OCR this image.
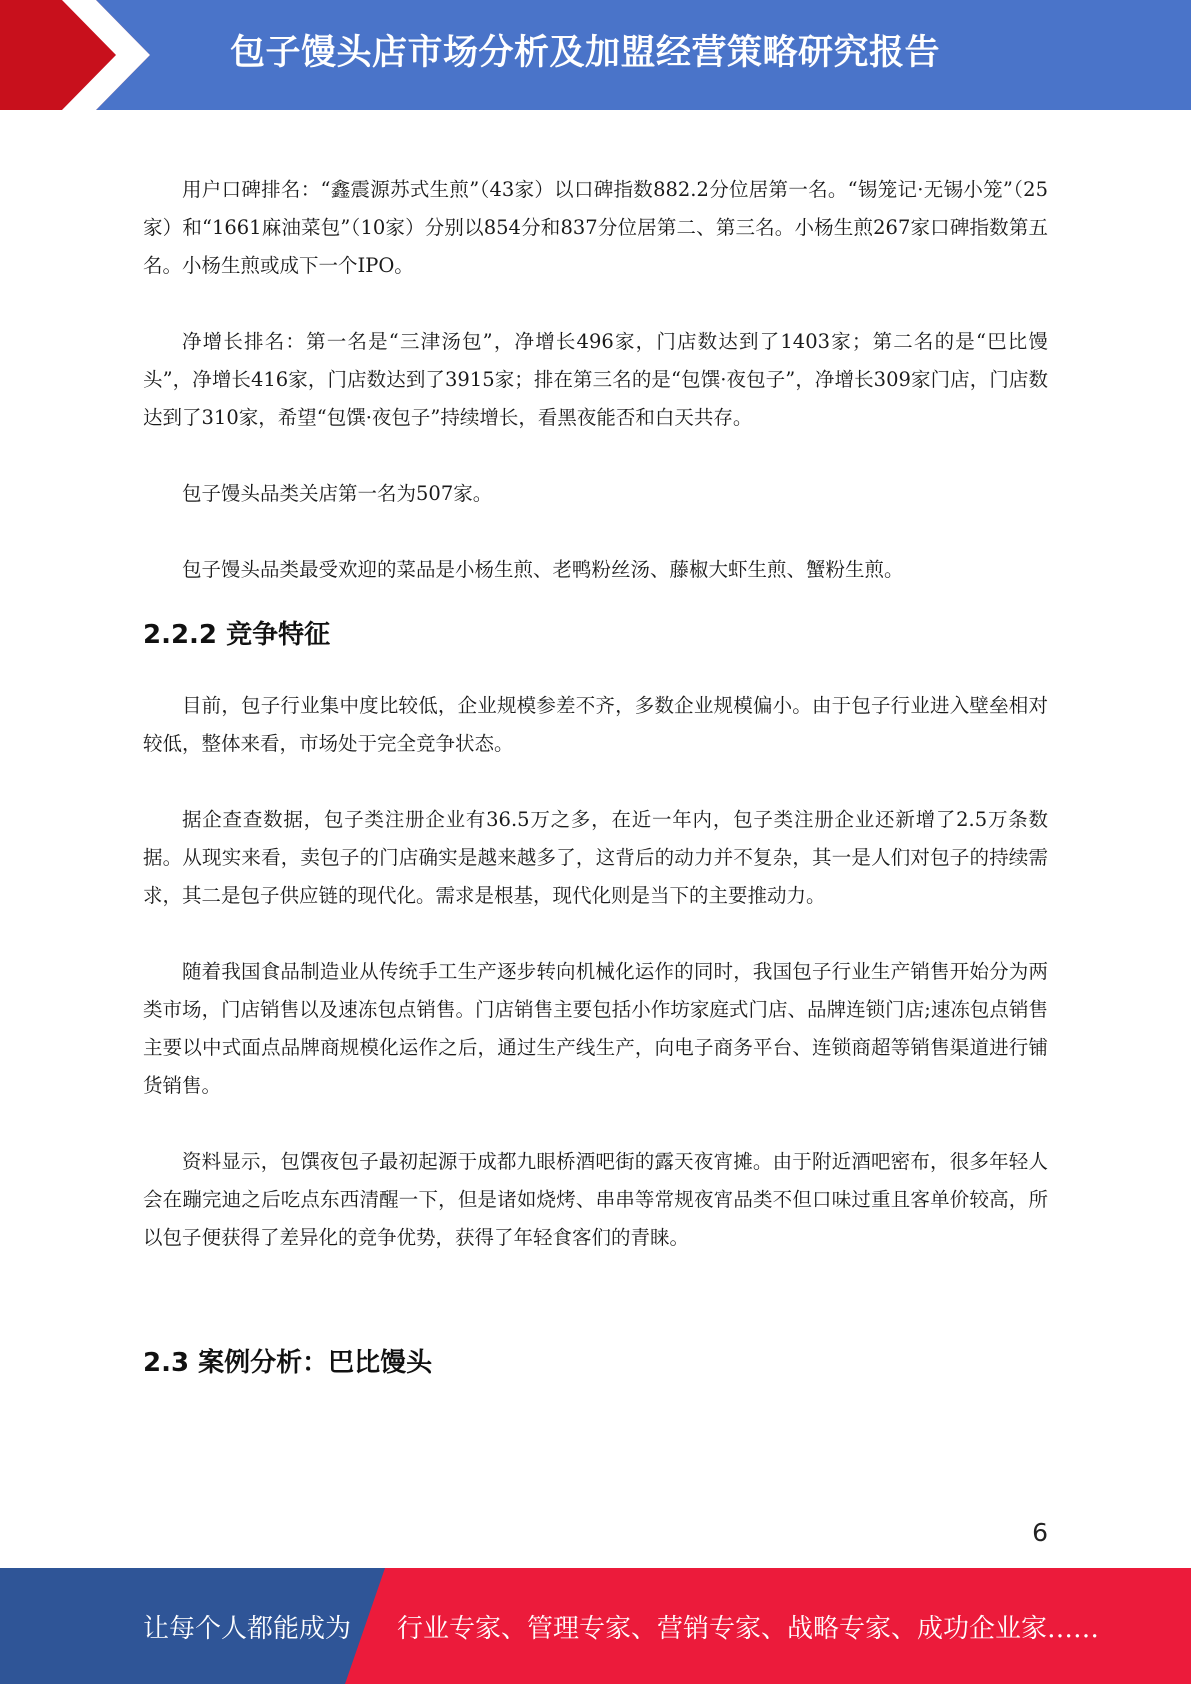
包子馒头店市场分析及加盟经营策略研究报告

用户口碑排名：“鑫震源苏式生煎”（43家）以口碑指数882.2分位居第一名。“锡笼记·无锡小笼”（25家）和“1661麻油菜包”（10家）分别以854分和837分位居第二、第三名。小杨生煎267家口碑指数第五名。小杨生煎或成下一个IPO。

净增长排名：第一名是“三津汤包”，净增长496家，门店数达到了1403家；第二名的是“巴比馒头”，净增长416家，门店数达到了3915家；排在第三名的是“包馔·夜包子”，净增长309家门店，门店数达到了310家，希望“包馔·夜包子”持续增长，看黑夜能否和白天共存。

包子馒头品类关店第一名为507家。

包子馒头品类最受欢迎的菜品是小杨生煎、老鸭粉丝汤、藤椒大虾生煎、蟹粉生煎。

2.2.2 竞争特征

目前，包子行业集中度比较低，企业规模参差不齐，多数企业规模偏小。由于包子行业进入壁垒相对较低，整体来看，市场处于完全竞争状态。

据企查查数据，包子类注册企业有36.5万之多，在近一年内，包子类注册企业还新增了2.5万条数据。从现实来看，卖包子的门店确实是越来越多了，这背后的动力并不复杂，其一是人们对包子的持续需求，其二是包子供应链的现代化。需求是根基，现代化则是当下的主要推动力。

随着我国食品制造业从传统手工生产逐步转向机械化运作的同时，我国包子行业生产销售开始分为两类市场，门店销售以及速冻包点销售。门店销售主要包括小作坊家庭式门店、品牌连锁门店;速冻包点销售主要以中式面点品牌商规模化运作之后，通过生产线生产，向电子商务平台、连锁商超等销售渠道进行铺货销售。

资料显示，包馔夜包子最初起源于成都九眼桥酒吧街的露天夜宵摊。由于附近酒吧密布，很多年轻人会在蹦完迪之后吃点东西清醒一下，但是诸如烧烤、串串等常规夜宵品类不但口味过重且客单价较高，所以包子便获得了差异化的竞争优势，获得了年轻食客们的青睐。

2.3 案例分析：巴比馒头
6
让每个人都能成为 行业专家、管理专家、营销专家、战略专家、成功企业家……
